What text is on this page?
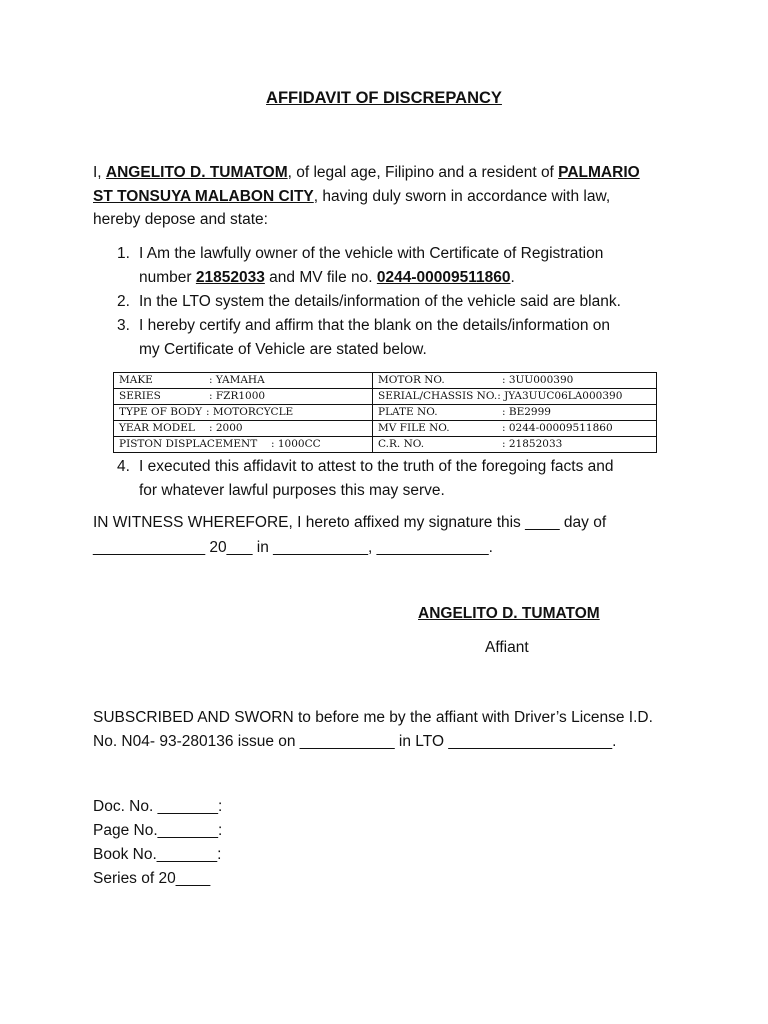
AFFIDAVIT OF DISCREPANCY
I, ANGELITO D. TUMATOM, of legal age, Filipino and a resident of PALMARIO
ST TONSUYA MALABON CITY, having duly sworn in accordance with law,
hereby depose and state:
1. I Am the lawfully owner of the vehicle with Certificate of Registration
number 21852033 and MV file no. 0244-00009511860.
2. In the LTO system the details/information of the vehicle said are blank.
3. I hereby certify and affirm that the blank on the details/information on
my Certificate of Vehicle are stated below.
MAKE : YAMAHA	MOTOR NO. : 3UU000390
SERIES : FZR1000	SERIAL/CHASSIS NO.: JYA3UUC06LA000390
TYPE OF BODY : MOTORCYCLE	PLATE NO. : BE2999
YEAR MODEL : 2000	MV FILE NO. : 0244-00009511860
PISTON DISPLACEMENT : 1000CC	C.R. NO. : 21852033
4. I executed this affidavit to attest to the truth of the foregoing facts and
for whatever lawful purposes this may serve.
IN WITNESS WHEREFORE, I hereto affixed my signature this ____ day of
_____________ 20___ in ___________, _____________.
ANGELITO D. TUMATOM
Affiant
SUBSCRIBED AND SWORN to before me by the affiant with Driver’s License I.D.
No. N04- 93-280136 issue on ___________ in LTO ___________________.
Doc. No. _______:
Page No._______:
Book No._______:
Series of 20____
